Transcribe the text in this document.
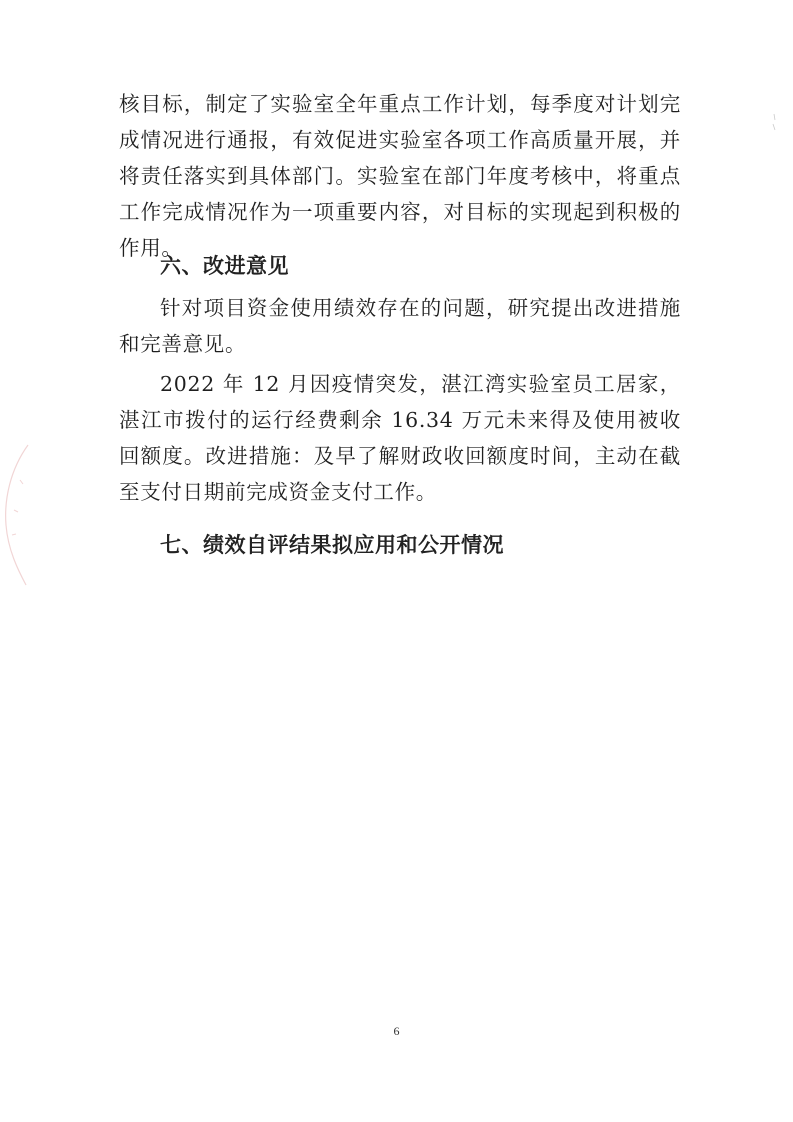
核目标，制定了实验室全年重点工作计划，每季度对计划完成情况进行通报，有效促进实验室各项工作高质量开展，并将责任落实到具体部门。实验室在部门年度考核中，将重点工作完成情况作为一项重要内容，对目标的实现起到积极的作用。

六、改进意见

针对项目资金使用绩效存在的问题，研究提出改进措施和完善意见。

2022 年 12 月因疫情突发，湛江湾实验室员工居家，湛江市拨付的运行经费剩余 16.34 万元未来得及使用被收回额度。改进措施：及早了解财政收回额度时间，主动在截至支付日期前完成资金支付工作。

七、绩效自评结果拟应用和公开情况
6
